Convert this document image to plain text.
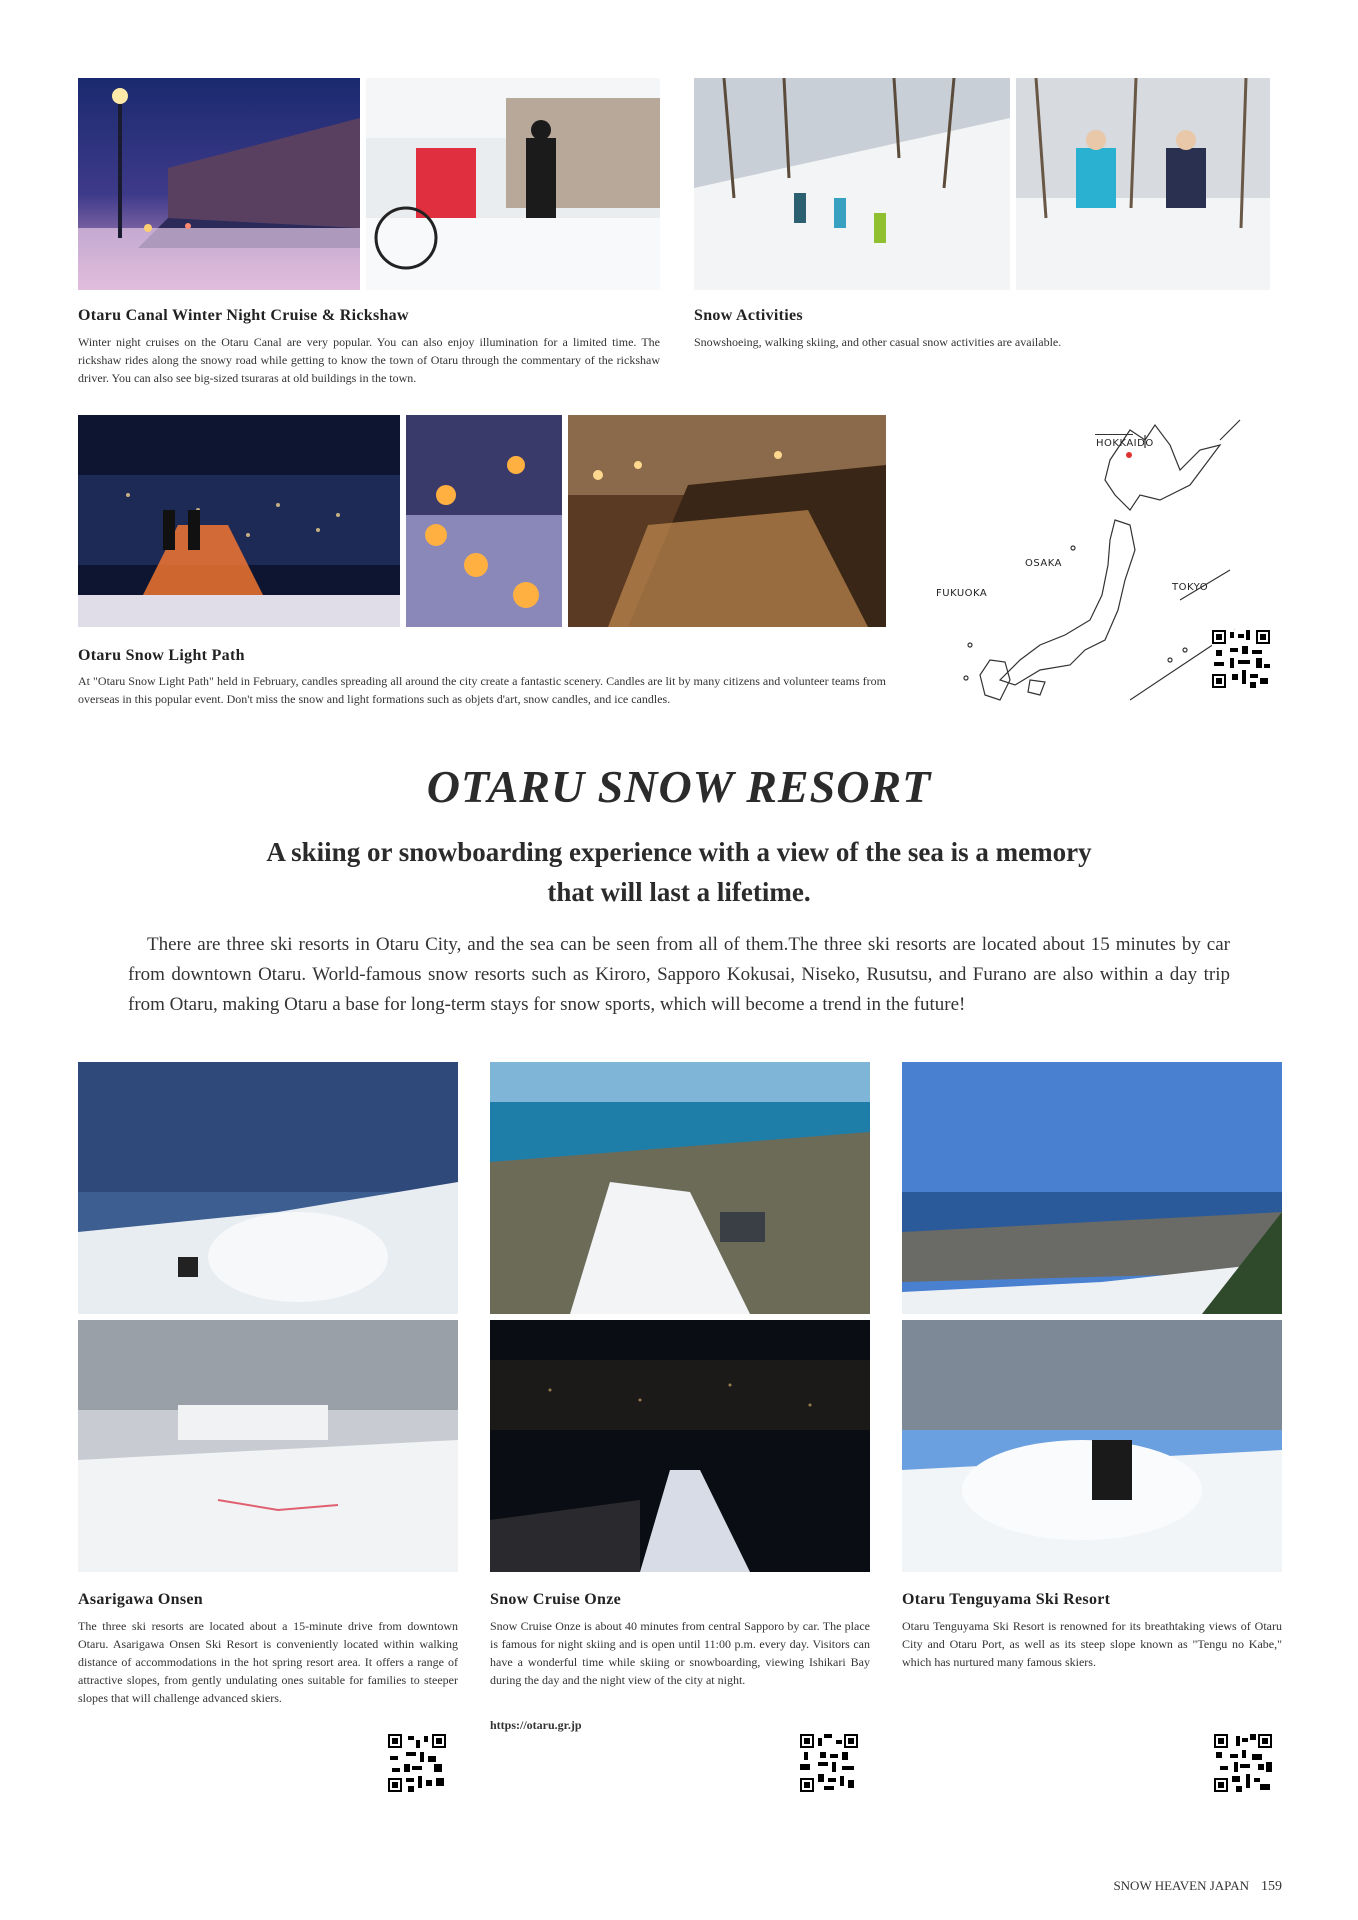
Otaru Canal Winter Night Cruise & Rickshaw
Winter night cruises on the Otaru Canal are very popular. You can also enjoy illumination for a limited time. The rickshaw rides along the snowy road while getting to know the town of Otaru through the commentary of the rickshaw driver. You can also see big-sized tsuraras at old buildings in the town.
Snow Activities
Snowshoeing, walking skiing, and other casual snow activities are available.
Otaru Snow Light Path
At "Otaru Snow Light Path" held in February, candles spreading all around the city create a fantastic scenery. Candles are lit by many citizens and volunteer teams from overseas in this popular event. Don't miss the snow and light formations such as objets d'art, snow candles, and ice candles.
HOKKAIDO
OSAKA
TOKYO
FUKUOKA
OTARU SNOW RESORT
A skiing or snowboarding experience with a view of the sea is a memory
that will last a lifetime.
There are three ski resorts in Otaru City, and the sea can be seen from all of them.The three ski resorts are located about 15 minutes by car from downtown Otaru. World-famous snow resorts such as Kiroro, Sapporo Kokusai, Niseko, Rusutsu, and Furano are also within a day trip from Otaru, making Otaru a base for long-term stays for snow sports, which will become a trend in the future!
Asarigawa Onsen
The three ski resorts are located about a 15-minute drive from downtown Otaru. Asarigawa Onsen Ski Resort is conveniently located within walking distance of accommodations in the hot spring resort area. It offers a range of attractive slopes, from gently undulating ones suitable for families to steeper slopes that will challenge advanced skiers.
Snow Cruise Onze
Snow Cruise Onze is about 40 minutes from central Sapporo by car. The place is famous for night skiing and is open until 11:00 p.m. every day. Visitors can have a wonderful time while skiing or snowboarding, viewing Ishikari Bay during the day and the night view of the city at night.
https://otaru.gr.jp
Otaru Tenguyama Ski Resort
Otaru Tenguyama Ski Resort is renowned for its breathtaking views of Otaru City and Otaru Port, as well as its steep slope known as "Tengu no Kabe," which has nurtured many famous skiers.
SNOW HEAVEN JAPAN 159
